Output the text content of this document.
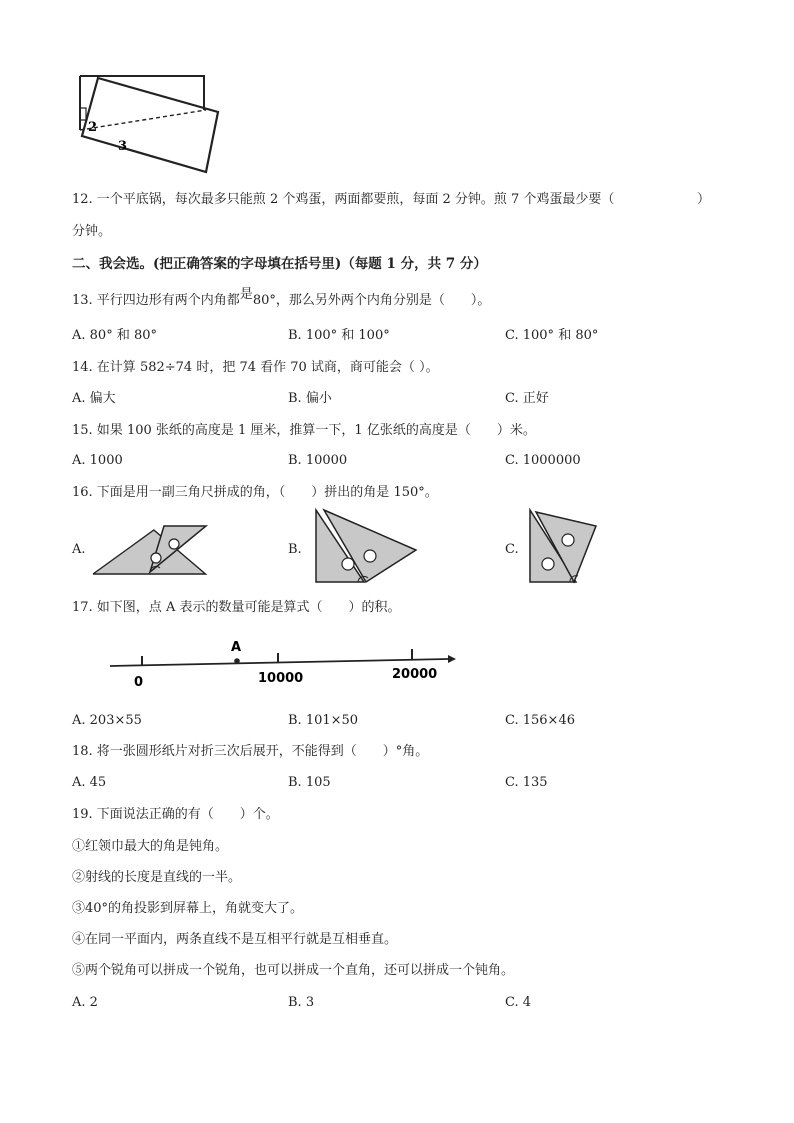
2
3
12. 一个平底锅，每次最多只能煎 2 个鸡蛋，两面都要煎，每面 2 分钟。煎 7 个鸡蛋最少要（	）
分钟。
二、我会选。(把正确答案的字母填在括号里)（每题 1 分，共 7 分）
13. 平行四边形有两个内角都是80°，那么另外两个内角分别是（　　）。
A. 80° 和 80°	B. 100° 和 100°	C. 100° 和 80°
14. 在计算 582÷74 时，把 74 看作 70 试商，商可能会（ ）。
A. 偏大	B. 偏小	C. 正好
15. 如果 100 张纸的高度是 1 厘米，推算一下，1 亿张纸的高度是（　　）米。
A. 1000	B. 10000	C. 1000000
16. 下面是用一副三角尺拼成的角，（　　）拼出的角是 150°。
A.	B.	C.
17. 如下图，点 A 表示的数量可能是算式（　　）的积。
A
0	10000	20000
A. 203×55	B. 101×50	C. 156×46
18. 将一张圆形纸片对折三次后展开，不能得到（　　）°角。
A. 45	B. 105	C. 135
19. 下面说法正确的有（　　）个。
①红领巾最大的角是钝角。
②射线的长度是直线的一半。
③40°的角投影到屏幕上，角就变大了。
④在同一平面内，两条直线不是互相平行就是互相垂直。
⑤两个锐角可以拼成一个锐角，也可以拼成一个直角，还可以拼成一个钝角。
A. 2	B. 3	C. 4
